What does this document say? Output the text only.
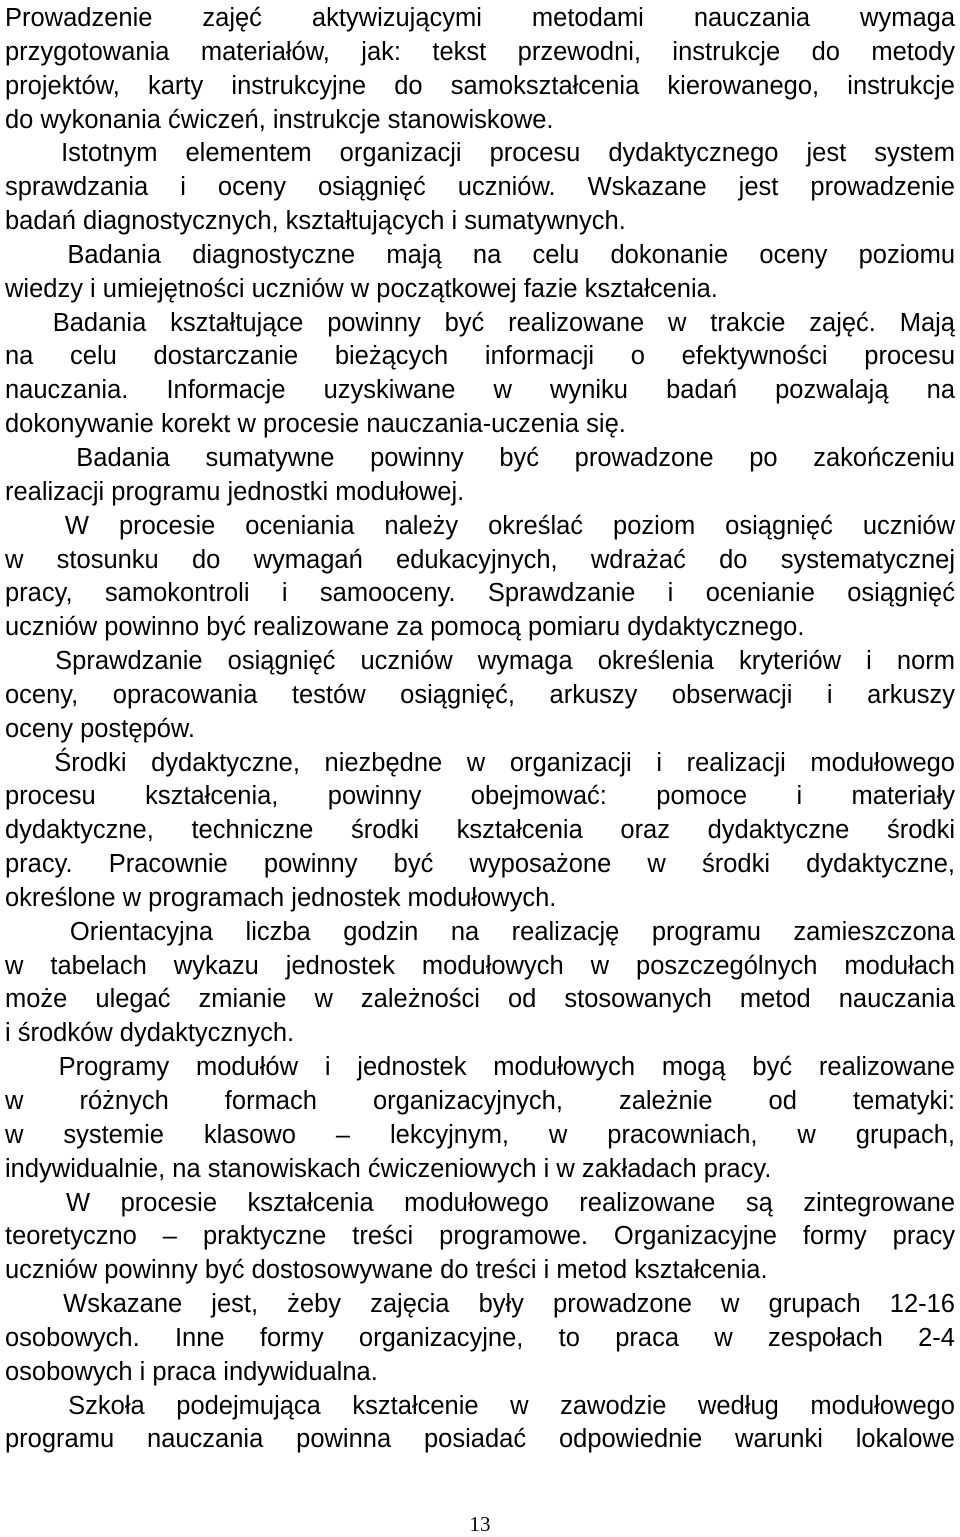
Prowadzenie zajęć aktywizującymi metodami nauczania wymaga
przygotowania materiałów, jak: tekst przewodni, instrukcje do metody
projektów, karty instrukcyjne do samokształcenia kierowanego, instrukcje
do wykonania ćwiczeń, instrukcje stanowiskowe.
Istotnym elementem organizacji procesu dydaktycznego jest system
sprawdzania i oceny osiągnięć uczniów. Wskazane jest prowadzenie
badań diagnostycznych, kształtujących i sumatywnych.
Badania diagnostyczne mają na celu dokonanie oceny poziomu
wiedzy i umiejętności uczniów w początkowej fazie kształcenia.
Badania kształtujące powinny być realizowane w trakcie zajęć. Mają
na celu dostarczanie bieżących informacji o efektywności procesu
nauczania. Informacje uzyskiwane w wyniku badań pozwalają na
dokonywanie korekt w procesie nauczania-uczenia się.
Badania sumatywne powinny być prowadzone po zakończeniu
realizacji programu jednostki modułowej.
W procesie oceniania należy określać poziom osiągnięć uczniów
w stosunku do wymagań edukacyjnych, wdrażać do systematycznej
pracy, samokontroli i samooceny. Sprawdzanie i ocenianie osiągnięć
uczniów powinno być realizowane za pomocą pomiaru dydaktycznego.
Sprawdzanie osiągnięć uczniów wymaga określenia kryteriów i norm
oceny, opracowania testów osiągnięć, arkuszy obserwacji i arkuszy
oceny postępów.
Środki dydaktyczne, niezbędne w organizacji i realizacji modułowego
procesu kształcenia, powinny obejmować: pomoce i materiały
dydaktyczne, techniczne środki kształcenia oraz dydaktyczne środki
pracy. Pracownie powinny być wyposażone w środki dydaktyczne,
określone w programach jednostek modułowych.
Orientacyjna liczba godzin na realizację programu zamieszczona
w tabelach wykazu jednostek modułowych w poszczególnych modułach
może ulegać zmianie w zależności od stosowanych metod nauczania
i środków dydaktycznych.
Programy modułów i jednostek modułowych mogą być realizowane
w różnych formach organizacyjnych, zależnie od tematyki:
w systemie klasowo – lekcyjnym, w pracowniach, w grupach,
indywidualnie, na stanowiskach ćwiczeniowych i w zakładach pracy.
W procesie kształcenia modułowego realizowane są zintegrowane
teoretyczno – praktyczne treści programowe. Organizacyjne formy pracy
uczniów powinny być dostosowywane do treści i metod kształcenia.
Wskazane jest, żeby zajęcia były prowadzone w grupach 12-16
osobowych. Inne formy organizacyjne, to praca w zespołach 2-4
osobowych i praca indywidualna.
Szkoła podejmująca kształcenie w zawodzie według modułowego
programu nauczania powinna posiadać odpowiednie warunki lokalowe
13
